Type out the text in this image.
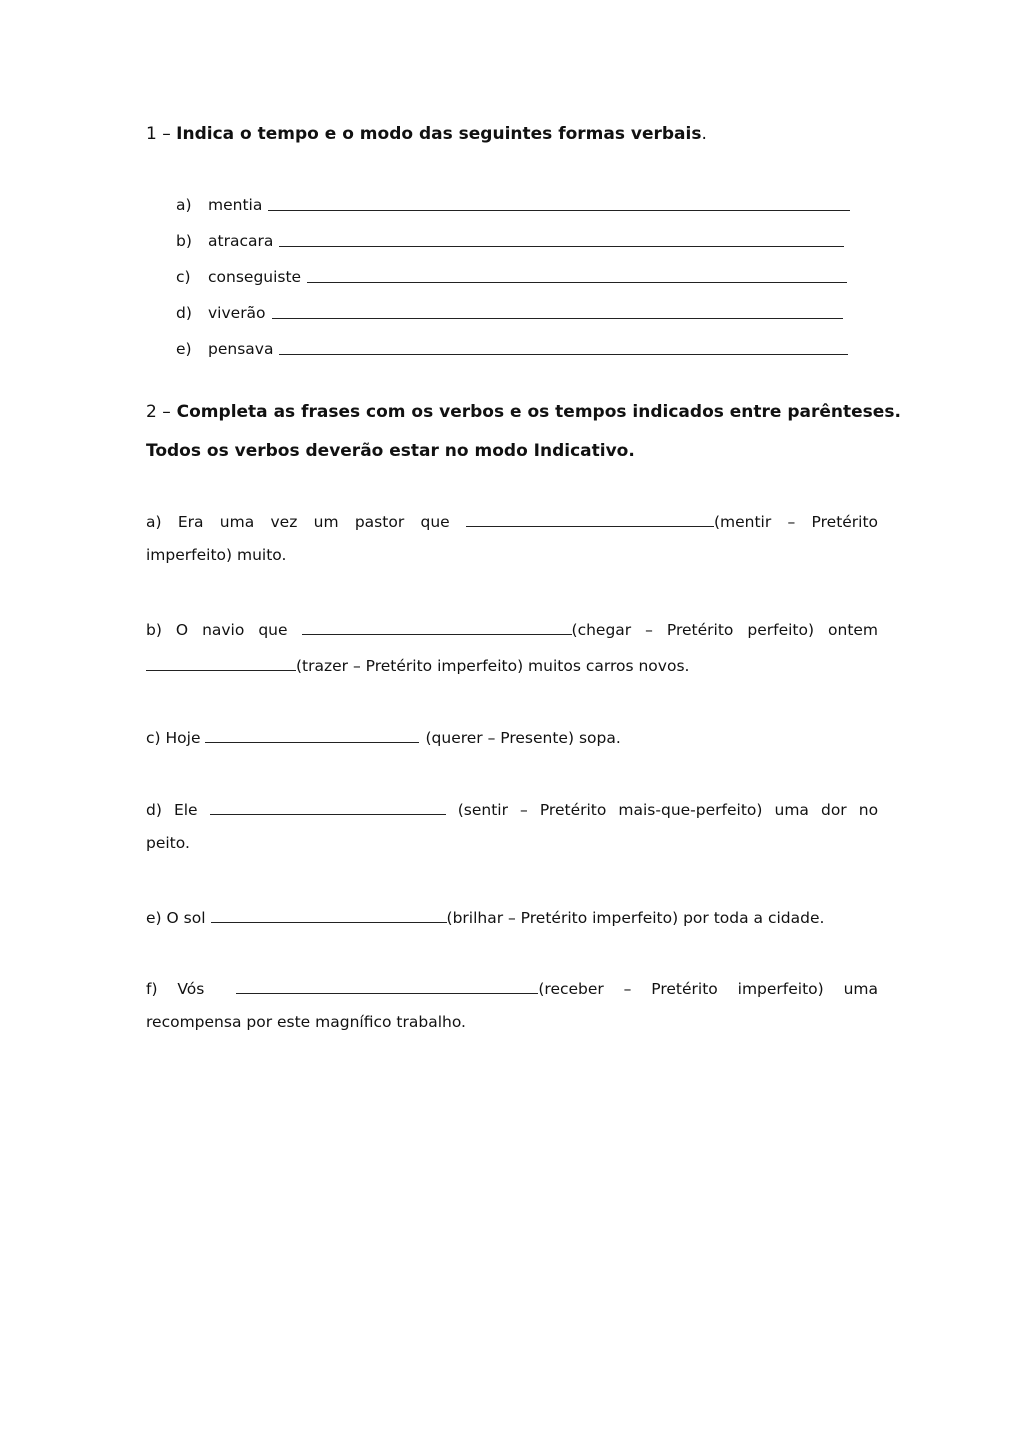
1 – Indica o tempo e o modo das seguintes formas verbais.
a)	mentia
b)	atracara
c)	conseguiste
d)	viverão
e)	pensava
2 – Completa as frases com os verbos e os tempos indicados entre parênteses.
Todos os verbos deverão estar no modo Indicativo.
a) Era uma vez um pastor que	(mentir – Pretérito
imperfeito) muito.
b) O navio que	(chegar – Pretérito perfeito) ontem
(trazer – Pretérito imperfeito) muitos carros novos.
c) Hoje	(querer – Presente) sopa.
d) Ele	(sentir – Pretérito mais-que-perfeito) uma dor no
peito.
e) O sol	(brilhar – Pretérito imperfeito) por toda a cidade.
f) Vós	(receber – Pretérito imperfeito) uma
recompensa por este magnífico trabalho.
